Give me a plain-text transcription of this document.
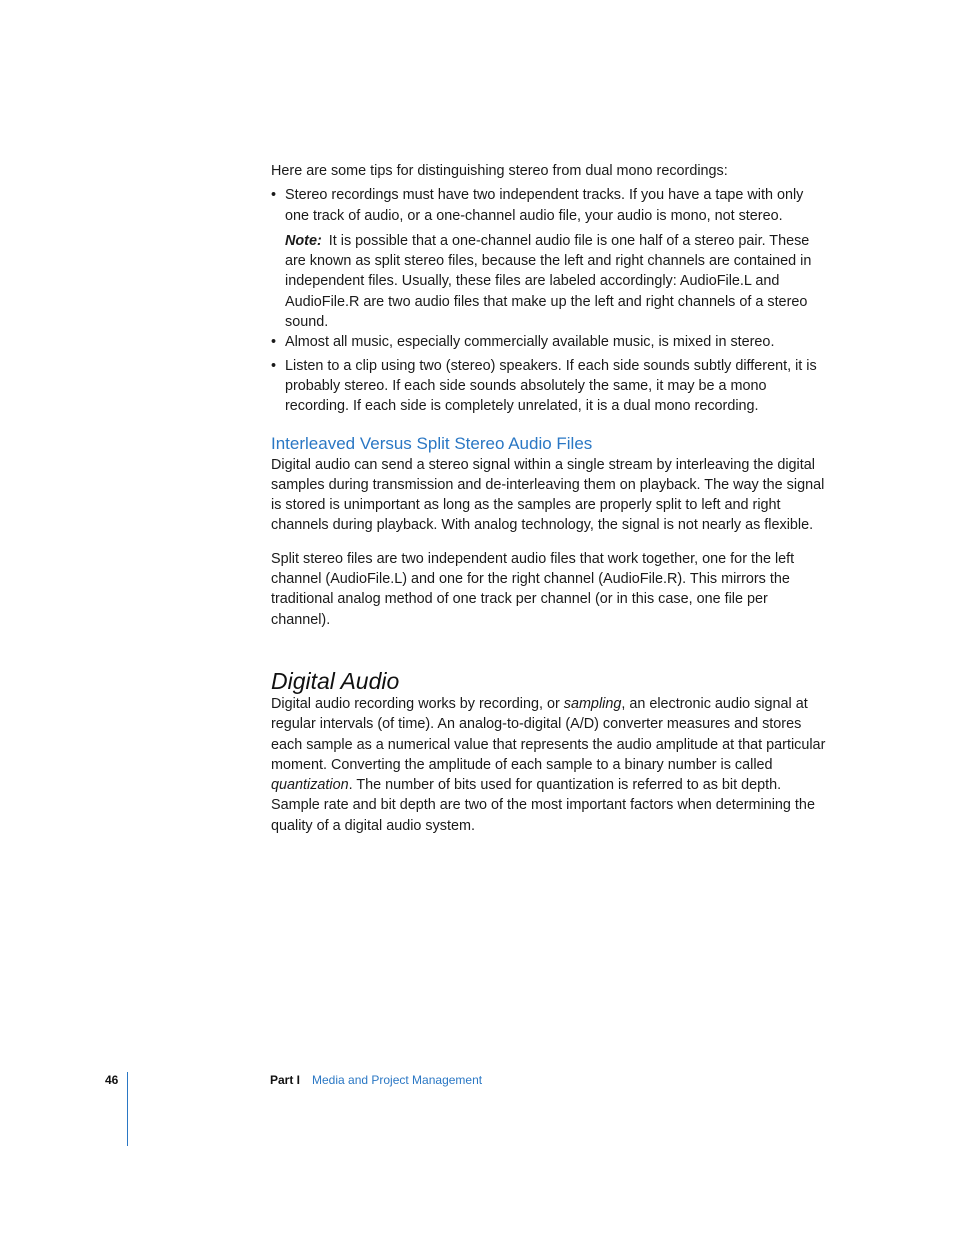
Here are some tips for distinguishing stereo from dual mono recordings:

• Stereo recordings must have two independent tracks. If you have a tape with only one track of audio, or a one-channel audio file, your audio is mono, not stereo.

Note: It is possible that a one-channel audio file is one half of a stereo pair. These are known as split stereo files, because the left and right channels are contained in independent files. Usually, these files are labeled accordingly: AudioFile.L and AudioFile.R are two audio files that make up the left and right channels of a stereo sound.

• Almost all music, especially commercially available music, is mixed in stereo.
• Listen to a clip using two (stereo) speakers. If each side sounds subtly different, it is probably stereo. If each side sounds absolutely the same, it may be a mono recording. If each side is completely unrelated, it is a dual mono recording.
Interleaved Versus Split Stereo Audio Files

Digital audio can send a stereo signal within a single stream by interleaving the digital samples during transmission and de-interleaving them on playback. The way the signal is stored is unimportant as long as the samples are properly split to left and right channels during playback. With analog technology, the signal is not nearly as flexible.

Split stereo files are two independent audio files that work together, one for the left channel (AudioFile.L) and one for the right channel (AudioFile.R). This mirrors the traditional analog method of one track per channel (or in this case, one file per channel).

Digital Audio

Digital audio recording works by recording, or sampling, an electronic audio signal at regular intervals (of time). An analog-to-digital (A/D) converter measures and stores each sample as a numerical value that represents the audio amplitude at that particular moment. Converting the amplitude of each sample to a binary number is called quantization. The number of bits used for quantization is referred to as bit depth. Sample rate and bit depth are two of the most important factors when determining the quality of a digital audio system.

46	Part I Media and Project Management
